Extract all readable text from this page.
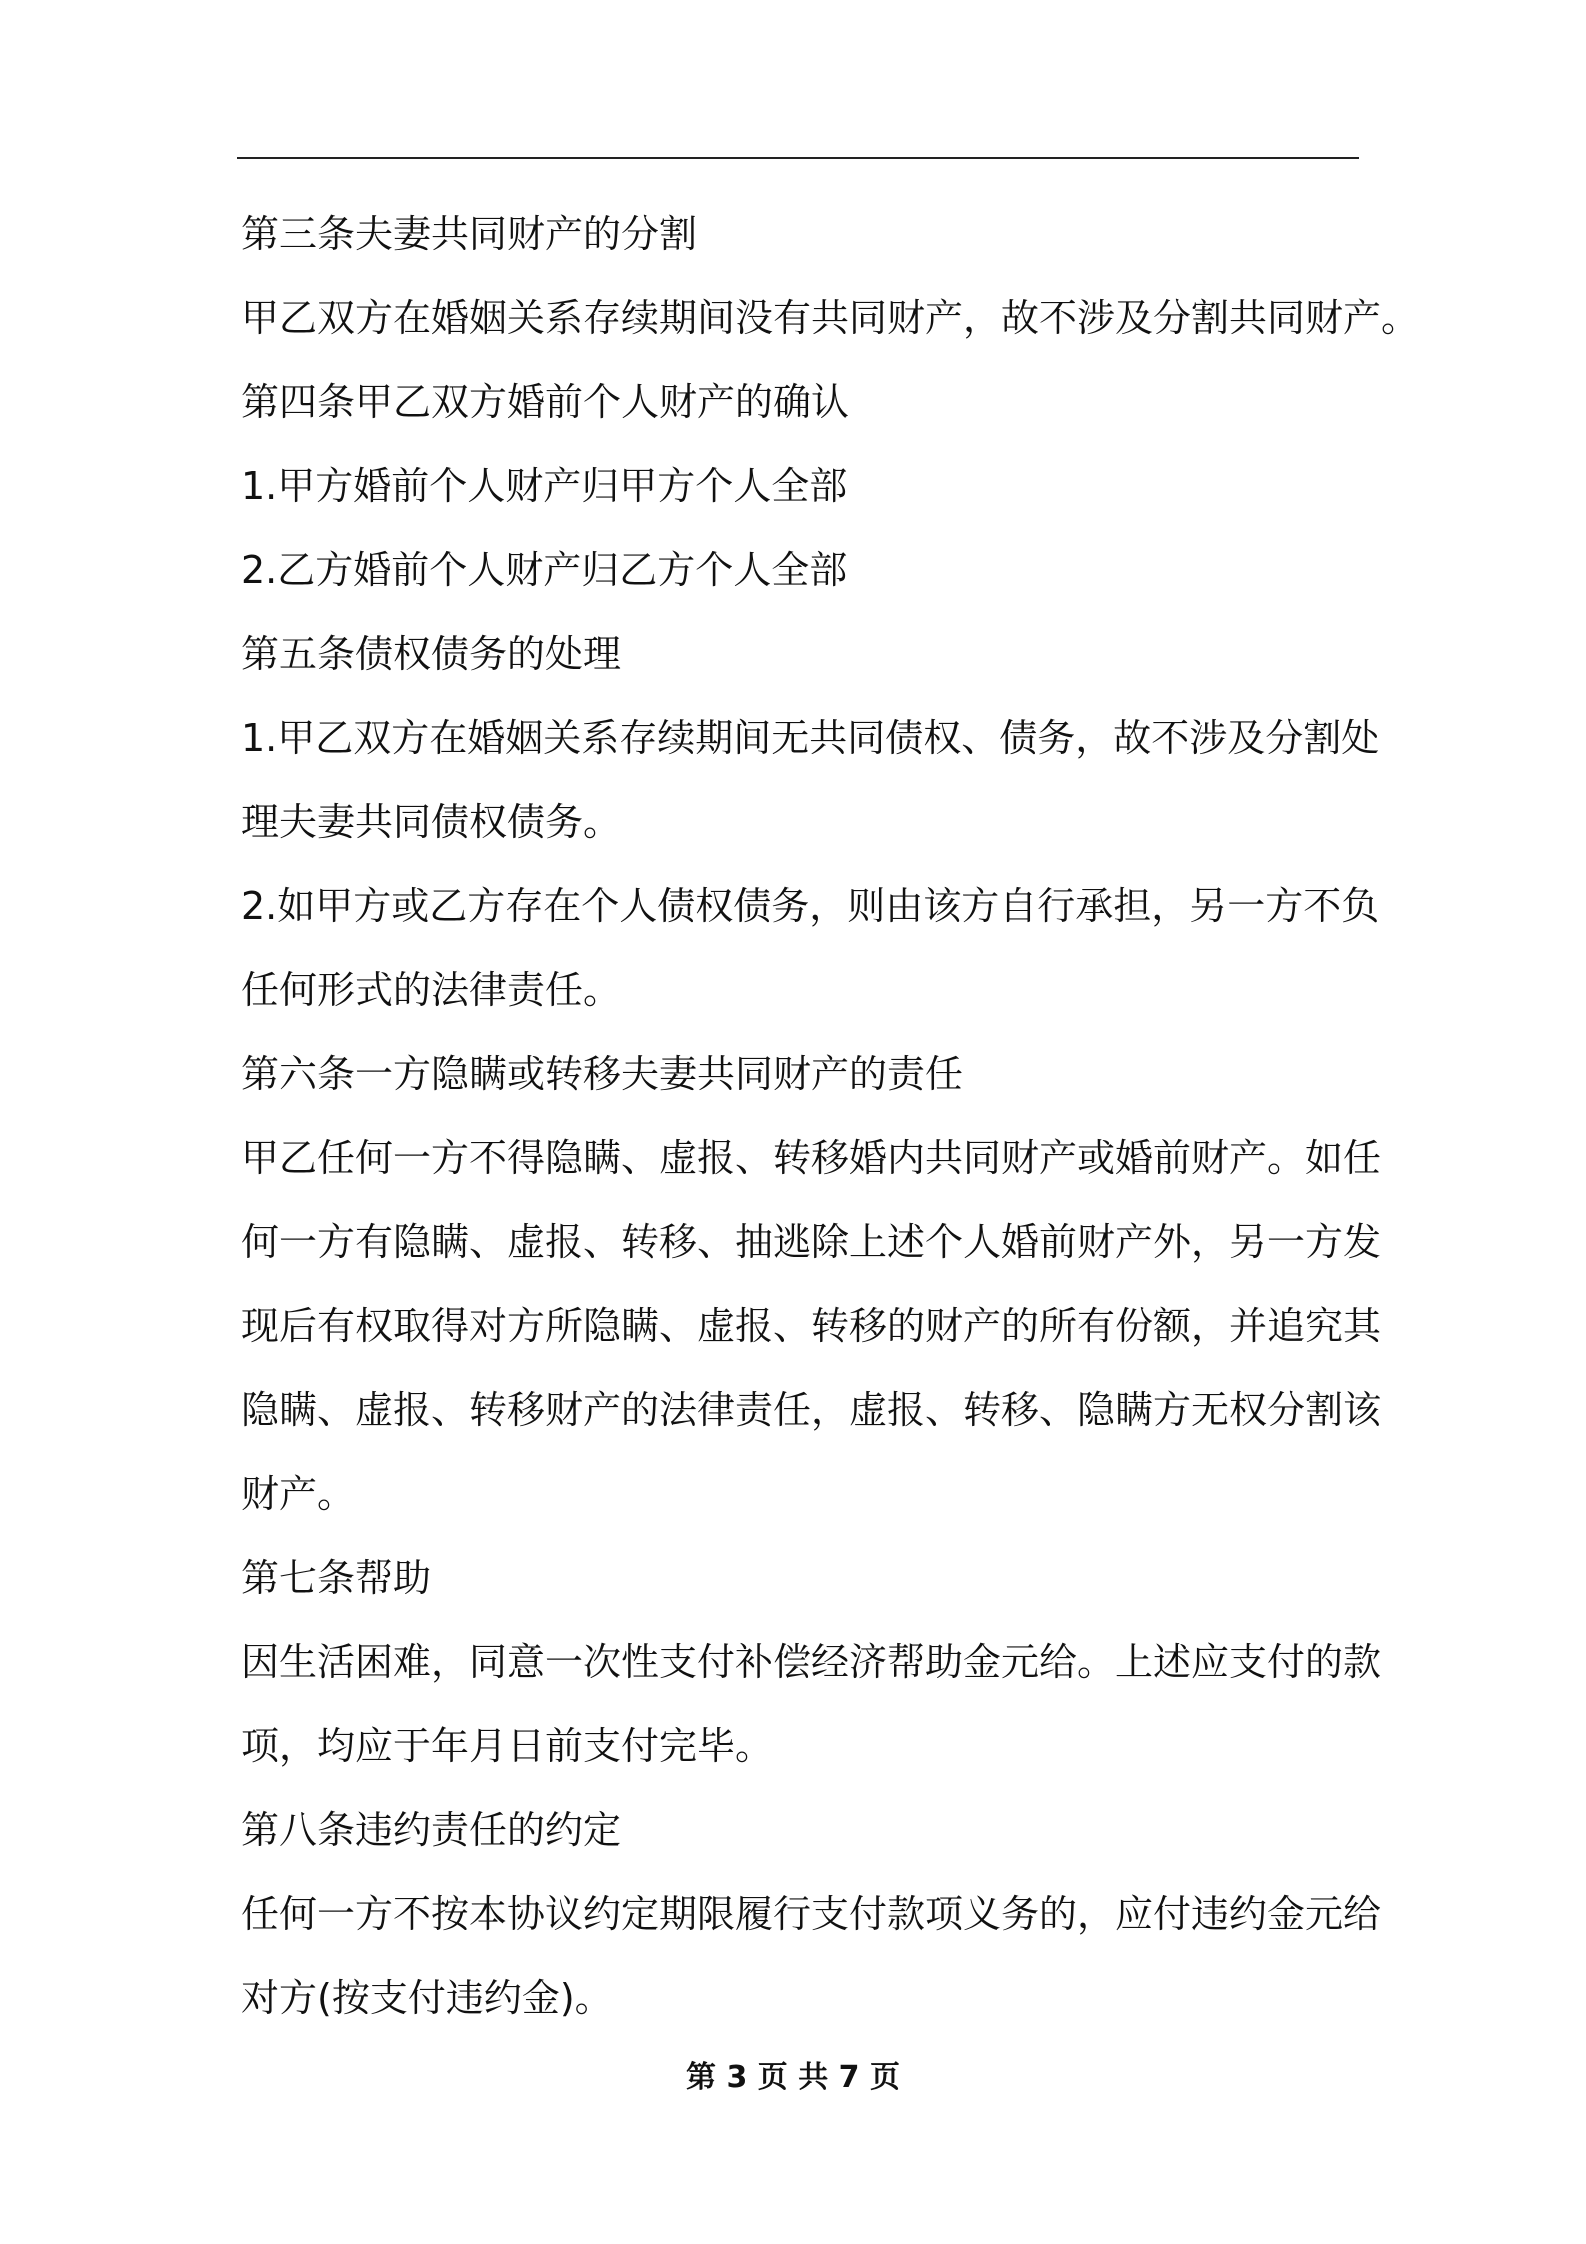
第三条夫妻共同财产的分割
甲乙双方在婚姻关系存续期间没有共同财产，故不涉及分割共同财产。
第四条甲乙双方婚前个人财产的确认
1.甲方婚前个人财产归甲方个人全部
2.乙方婚前个人财产归乙方个人全部
第五条债权债务的处理
1.甲乙双方在婚姻关系存续期间无共同债权、债务，故不涉及分割处
理夫妻共同债权债务。
2.如甲方或乙方存在个人债权债务，则由该方自行承担，另一方不负
任何形式的法律责任。
第六条一方隐瞒或转移夫妻共同财产的责任
甲乙任何一方不得隐瞒、虚报、转移婚内共同财产或婚前财产。如任
何一方有隐瞒、虚报、转移、抽逃除上述个人婚前财产外，另一方发
现后有权取得对方所隐瞒、虚报、转移的财产的所有份额，并追究其
隐瞒、虚报、转移财产的法律责任，虚报、转移、隐瞒方无权分割该
财产。
第七条帮助
因生活困难，同意一次性支付补偿经济帮助金元给。上述应支付的款
项，均应于年月日前支付完毕。
第八条违约责任的约定
任何一方不按本协议约定期限履行支付款项义务的，应付违约金元给
对方(按支付违约金)。
第 3 页 共 7 页
